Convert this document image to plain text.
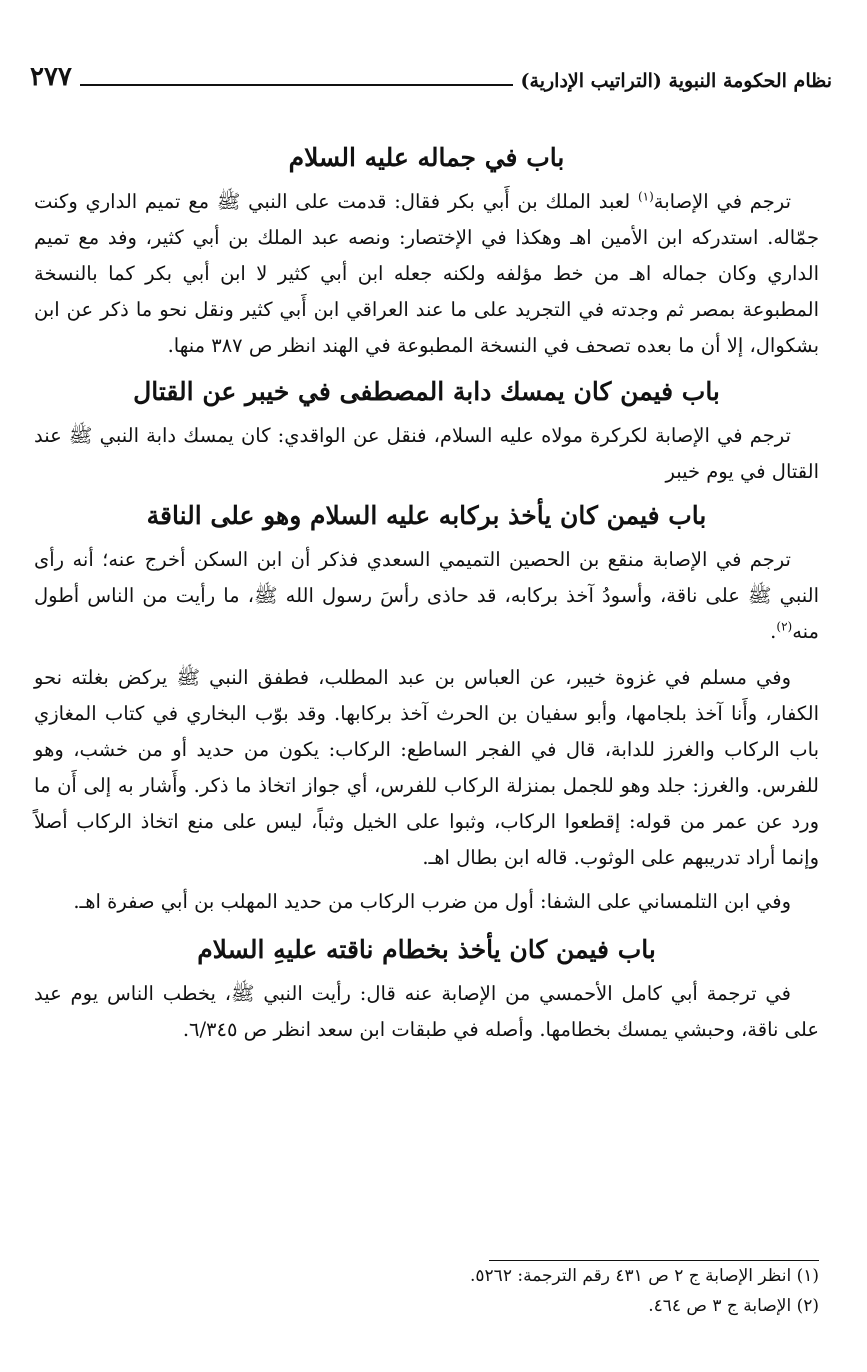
نظام الحكومة النبوية (التراتيب الإدارية)
٢٧٧
باب في جماله عليه السلام

ترجم في الإصابة$^{(١)}$ لعبد الملك بن أَبي بكر فقال: قدمت على النبي ﷺ مع تميم الداري وكنت جمّاله. استدركه ابن الأمين اهـ وهكذا في الإختصار: ونصه عبد الملك بن أبي كثير، وفد مع تميم الداري وكان جماله اهـ من خط مؤلفه ولكنه جعله ابن أبي كثير لا ابن أبي بكر كما بالنسخة المطبوعة بمصر ثم وجدته في التجريد على ما عند العراقي ابن أَبي كثير ونقل نحو ما ذكر عن ابن بشكوال، إلا أن ما بعده تصحف في النسخة المطبوعة في الهند انظر ص ٣٨٧ منها.

باب فيمن كان يمسك دابة المصطفى في خيبر عن القتال

ترجم في الإصابة لكركرة مولاه عليه السلام، فنقل عن الواقدي: كان يمسك دابة النبي ﷺ عند القتال في يوم خيبر

باب فيمن كان يأخذ بركابه عليه السلام وهو على الناقة

ترجم في الإصابة منقع بن الحصين التميمي السعدي فذكر أن ابن السكن أخرج عنه؛ أنه رأى النبي ﷺ على ناقة، وأسودُ آخذ بركابه، قد حاذى رأسَ رسول الله ﷺ، ما رأيت من الناس أطول منه$^{(٢)}$.

وفي مسلم في غزوة خيبر، عن العباس بن عبد المطلب، فطفق النبي ﷺ يركض بغلته نحو الكفار، وأَنا آخذ بلجامها، وأبو سفيان بن الحرث آخذ بركابها. وقد بوّب البخاري في كتاب المغازي باب الركاب والغرز للدابة، قال في الفجر الساطع: الركاب: يكون من حديد أو من خشب، وهو للفرس. والغرز: جلد وهو للجمل بمنزلة الركاب للفرس، أي جواز اتخاذ ما ذكر. وأَشار به إلى أَن ما ورد عن عمر من قوله: إقطعوا الركاب، وثبوا على الخيل وثباً، ليس على منع اتخاذ الركاب أصلاً وإنما أراد تدريبهم على الوثوب. قاله ابن بطال اهـ.

وفي ابن التلمساني على الشفا: أول من ضرب الركاب من حديد المهلب بن أبي صفرة اهـ.

باب فيمن كان يأخذ بخطام ناقته عليهِ السلام

في ترجمة أبي كامل الأحمسي من الإصابة عنه قال: رأيت النبي ﷺ، يخطب الناس يوم عيد على ناقة، وحبشي يمسك بخطامها. وأصله في طبقات ابن سعد انظر ص ٦/٣٤٥.

(١) انظر الإصابة ج ٢ ص ٤٣١ رقم الترجمة: ٥٢٦٢.

(٢) الإصابة ج ٣ ص ٤٦٤.
